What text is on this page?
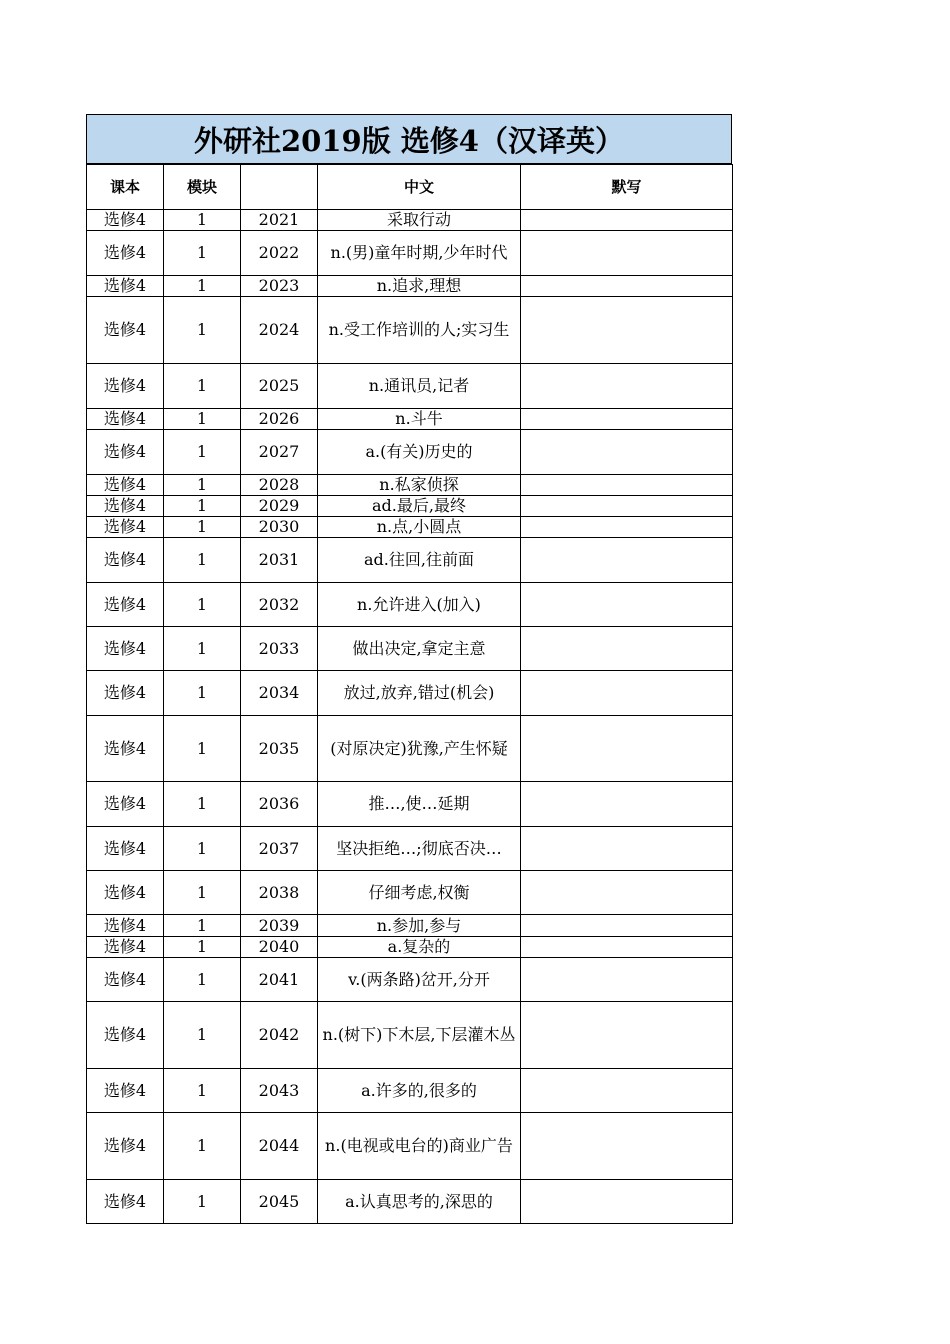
外研社2019版 选修4（汉译英）
课本	模块		中文	默写
选修4	1	2021	采取行动	
选修4	1	2022	n.(男)童年时期,少年时代	
选修4	1	2023	n.追求,理想	
选修4	1	2024	n.受工作培训的人;实习生	
选修4	1	2025	n.通讯员,记者	
选修4	1	2026	n.斗牛	
选修4	1	2027	a.(有关)历史的	
选修4	1	2028	n.私家侦探	
选修4	1	2029	ad.最后,最终	
选修4	1	2030	n.点,小圆点	
选修4	1	2031	ad.往回,往前面	
选修4	1	2032	n.允许进入(加入)	
选修4	1	2033	做出决定,拿定主意	
选修4	1	2034	放过,放弃,错过(机会)	
选修4	1	2035	(对原决定)犹豫,产生怀疑	
选修4	1	2036	推…,使…延期	
选修4	1	2037	坚决拒绝…;彻底否决…	
选修4	1	2038	仔细考虑,权衡	
选修4	1	2039	n.参加,参与	
选修4	1	2040	a.复杂的	
选修4	1	2041	v.(两条路)岔开,分开	
选修4	1	2042	n.(树下)下木层,下层灌木丛	
选修4	1	2043	a.许多的,很多的	
选修4	1	2044	n.(电视或电台的)商业广告	
选修4	1	2045	a.认真思考的,深思的	
